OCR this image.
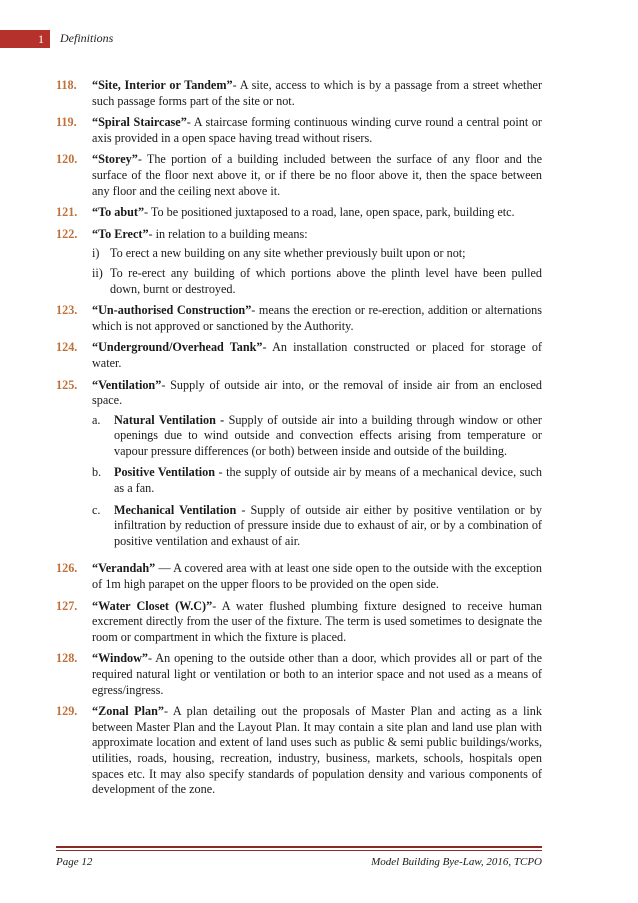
1	Definitions
118.	“Site, Interior or Tandem”- A site, access to which is by a passage from a street whether such passage forms part of the site or not.
119.	“Spiral Staircase”- A staircase forming continuous winding curve round a central point or axis provided in a open space having tread without risers.
120.	“Storey”- The portion of a building included between the surface of any floor and the surface of the floor next above it, or if there be no floor above it, then the space between any floor and the ceiling next above it.
121.	“To abut”- To be positioned juxtaposed to a road, lane, open space, park, building etc.
122.	“To Erect”- in relation to a building means:
i) To erect a new building on any site whether previously built upon or not;
ii) To re-erect any building of which portions above the plinth level have been pulled down, burnt or destroyed.
123.	“Un-authorised Construction”- means the erection or re-erection, addition or alternations which is not approved or sanctioned by the Authority.
124.	“Underground/Overhead Tank”- An installation constructed or placed for storage of water.
125.	“Ventilation”- Supply of outside air into, or the removal of inside air from an enclosed space.
a.	Natural Ventilation - Supply of outside air into a building through window or other openings due to wind outside and convection effects arising from temperature or vapour pressure differences (or both) between inside and outside of the building.
b.	Positive Ventilation - the supply of outside air by means of a mechanical device, such as a fan.
c.	Mechanical Ventilation - Supply of outside air either by positive ventilation or by infiltration by reduction of pressure inside due to exhaust of air, or by a combination of positive ventilation and exhaust of air.
126.	“Verandah” — A covered area with at least one side open to the outside with the exception of 1m high parapet on the upper floors to be provided on the open side.
127.	“Water Closet (W.C)”- A water flushed plumbing fixture designed to receive human excrement directly from the user of the fixture. The term is used sometimes to designate the room or compartment in which the fixture is placed.
128.	“Window”- An opening to the outside other than a door, which provides all or part of the required natural light or ventilation or both to an interior space and not used as a means of egress/ingress.
129.	“Zonal Plan”- A plan detailing out the proposals of Master Plan and acting as a link between Master Plan and the Layout Plan. It may contain a site plan and land use plan with approximate location and extent of land uses such as public & semi public buildings/works, utilities, roads, housing, recreation, industry, business, markets, schools, hospitals open spaces etc. It may also specify standards of population density and various components of development of the zone.
Page 12	Model Building Bye-Law, 2016, TCPO
